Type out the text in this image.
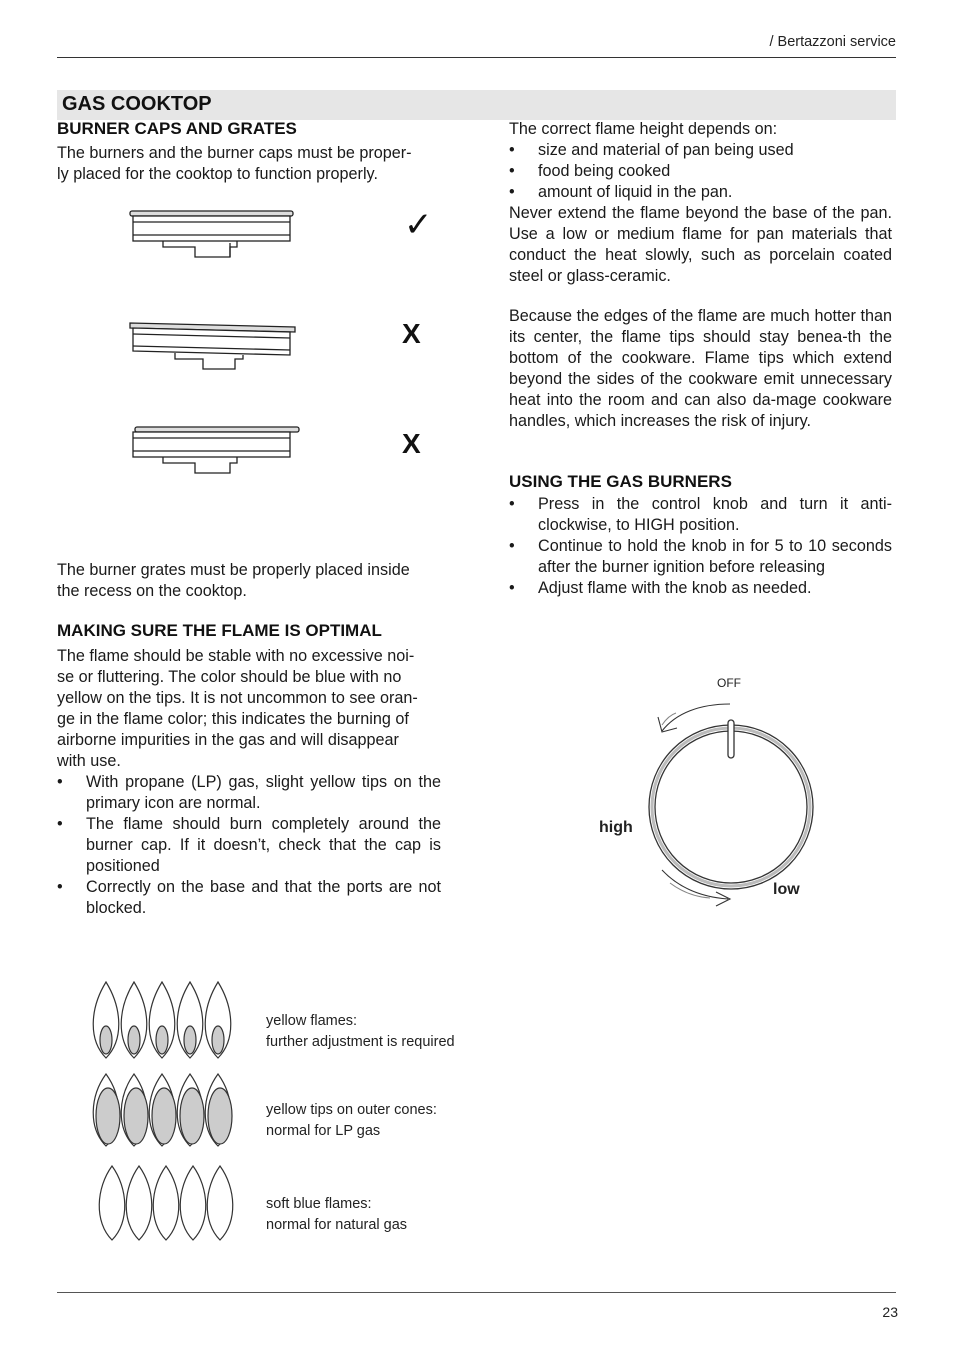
/ Bertazzoni service
GAS COOKTOP
BURNER CAPS AND GRATES

The burners and the burner caps must be proper-

ly placed for the cooktop to function properly.

✓
X
X

The burner grates must be properly placed inside

the recess on the cooktop.

MAKING SURE THE FLAME IS OPTIMAL

The flame should be stable with no excessive noi-

se or fluttering. The color should be blue with no

yellow on the tips. It is not uncommon to see oran-

ge in the flame color; this indicates the burning of

airborne impurities in the gas and will disappear

with use.

• With propane (LP) gas, slight yellow tips on the primary icon are normal.
• The flame should burn completely around the burner cap. If it doesn’t, check that the cap is positioned
• Correctly on the base and that the ports are not blocked.
yellow flames:
further adjustment is required
yellow tips on outer cones:
normal for LP gas
soft blue flames:
normal for natural gas

The correct flame height depends on:

• size and material of pan being used
• food being cooked
• amount of liquid in the pan.

Never extend the flame beyond the base of the pan. Use a low or medium flame for pan materials that conduct the heat slowly, such as porcelain coated steel or glass-ceramic.

Because the edges of the flame are much hotter than its center, the flame tips should stay benea-th the bottom of the cookware. Flame tips which extend beyond the sides of the cookware emit unnecessary heat into the room and can also da-mage cookware handles, which increases the risk of injury.

USING THE GAS BURNERS
• Press in the control knob and turn it anti-clockwise, to HIGH position.
• Continue to hold the knob in for 5 to 10 seconds after the burner ignition before releasing
• Adjust flame with the knob as needed.
OFF
high
low
23
